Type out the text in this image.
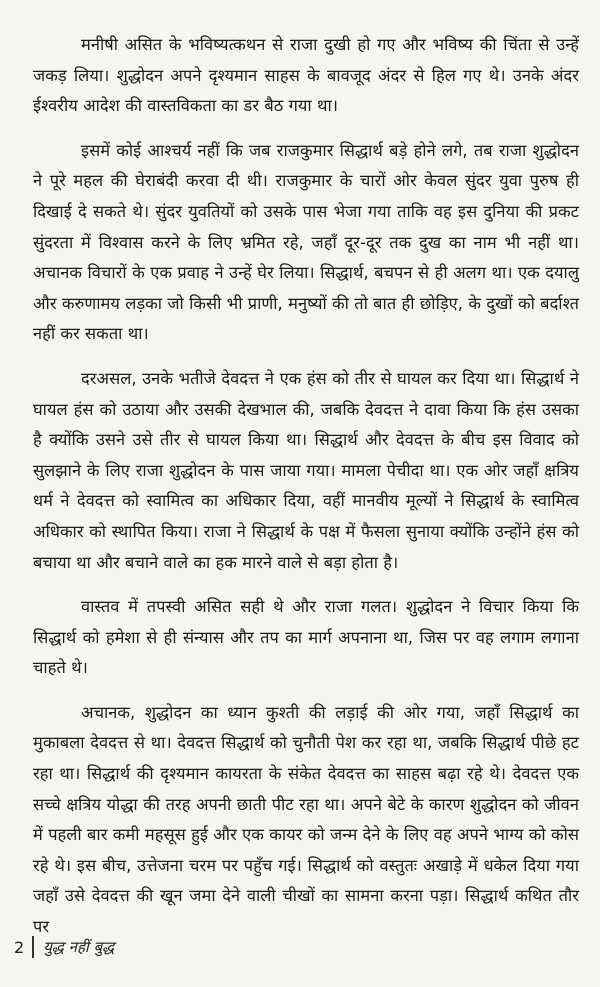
मनीषी असित के भविष्यत्कथन से राजा दुखी हो गए और भविष्य की चिंता से उन्हें जकड़ लिया। शुद्धोदन अपने दृश्यमान साहस के बावजूद अंदर से हिल गए थे। उनके अंदर ईश्वरीय आदेश की वास्तविकता का डर बैठ गया था।

इसमें कोई आश्चर्य नहीं कि जब राजकुमार सिद्धार्थ बड़े होने लगे, तब राजा शुद्धोदन ने पूरे महल की घेराबंदी करवा दी थी। राजकुमार के चारों ओर केवल सुंदर युवा पुरुष ही दिखाई दे सकते थे। सुंदर युवतियों को उसके पास भेजा गया ताकि वह इस दुनिया की प्रकट सुंदरता में विश्वास करने के लिए भ्रमित रहे, जहाँ दूर-दूर तक दुख का नाम भी नहीं था। अचानक विचारों के एक प्रवाह ने उन्हें घेर लिया। सिद्धार्थ, बचपन से ही अलग था। एक दयालु और करुणामय लड़का जो किसी भी प्राणी, मनुष्यों की तो बात ही छोड़िए, के दुखों को बर्दाश्त नहीं कर सकता था।

दरअसल, उनके भतीजे देवदत्त ने एक हंस को तीर से घायल कर दिया था। सिद्धार्थ ने घायल हंस को उठाया और उसकी देखभाल की, जबकि देवदत्त ने दावा किया कि हंस उसका है क्योंकि उसने उसे तीर से घायल किया था। सिद्धार्थ और देवदत्त के बीच इस विवाद को सुलझाने के लिए राजा शुद्धोदन के पास जाया गया। मामला पेचीदा था। एक ओर जहाँ क्षत्रिय धर्म ने देवदत्त को स्वामित्व का अधिकार दिया, वहीं मानवीय मूल्यों ने सिद्धार्थ के स्वामित्व अधिकार को स्थापित किया। राजा ने सिद्धार्थ के पक्ष में फैसला सुनाया क्योंकि उन्होंने हंस को बचाया था और बचाने वाले का हक मारने वाले से बड़ा होता है।

वास्तव में तपस्वी असित सही थे और राजा गलत। शुद्धोदन ने विचार किया कि सिद्धार्थ को हमेशा से ही संन्यास और तप का मार्ग अपनाना था, जिस पर वह लगाम लगाना चाहते थे।

अचानक, शुद्धोदन का ध्यान कुश्ती की लड़ाई की ओर गया, जहाँ सिद्धार्थ का मुकाबला देवदत्त से था। देवदत्त सिद्धार्थ को चुनौती पेश कर रहा था, जबकि सिद्धार्थ पीछे हट रहा था। सिद्धार्थ की दृश्यमान कायरता के संकेत देवदत्त का साहस बढ़ा रहे थे। देवदत्त एक सच्चे क्षत्रिय योद्धा की तरह अपनी छाती पीट रहा था। अपने बेटे के कारण शुद्धोदन को जीवन में पहली बार कमी महसूस हुई और एक कायर को जन्म देने के लिए वह अपने भाग्य को कोस रहे थे। इस बीच, उत्तेजना चरम पर पहुँच गई। सिद्धार्थ को वस्तुतः अखाड़े में धकेल दिया गया जहाँ उसे देवदत्त की खून जमा देने वाली चीखों का सामना करना पड़ा। सिद्धार्थ कथित तौर पर

2 युद्ध नहीं बुद्ध
